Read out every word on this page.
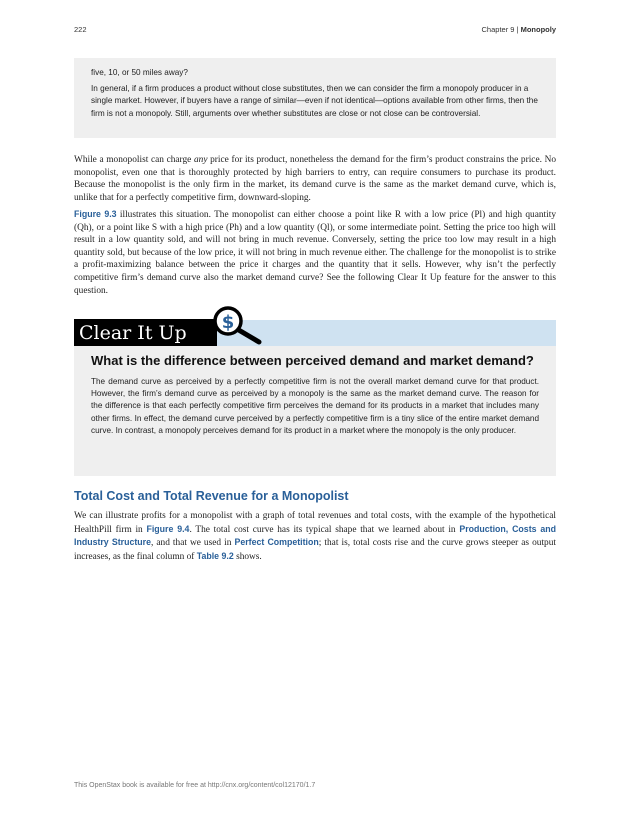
222	Chapter 9 | Monopoly

five, 10, or 50 miles away?

In general, if a firm produces a product without close substitutes, then we can consider the firm a monopoly producer in a single market. However, if buyers have a range of similar—even if not identical—options available from other firms, then the firm is not a monopoly. Still, arguments over whether substitutes are close or not close can be controversial.

While a monopolist can charge any price for its product, nonetheless the demand for the firm’s product constrains the price. No monopolist, even one that is thoroughly protected by high barriers to entry, can require consumers to purchase its product. Because the monopolist is the only firm in the market, its demand curve is the same as the market demand curve, which is, unlike that for a perfectly competitive firm, downward-sloping.

Figure 9.3 illustrates this situation. The monopolist can either choose a point like R with a low price (Pl) and high quantity (Qh), or a point like S with a high price (Ph) and a low quantity (Ql), or some intermediate point. Setting the price too high will result in a low quantity sold, and will not bring in much revenue. Conversely, setting the price too low may result in a high quantity sold, but because of the low price, it will not bring in much revenue either. The challenge for the monopolist is to strike a profit-maximizing balance between the price it charges and the quantity that it sells. However, why isn’t the perfectly competitive firm’s demand curve also the market demand curve? See the following Clear It Up feature for the answer to this question.

Clear It Up	$
What is the difference between perceived demand and market demand?

The demand curve as perceived by a perfectly competitive firm is not the overall market demand curve for that product. However, the firm’s demand curve as perceived by a monopoly is the same as the market demand curve. The reason for the difference is that each perfectly competitive firm perceives the demand for its products in a market that includes many other firms. In effect, the demand curve perceived by a perfectly competitive firm is a tiny slice of the entire market demand curve. In contrast, a monopoly perceives demand for its product in a market where the monopoly is the only producer.

Total Cost and Total Revenue for a Monopolist

We can illustrate profits for a monopolist with a graph of total revenues and total costs, with the example of the hypothetical HealthPill firm in Figure 9.4. The total cost curve has its typical shape that we learned about in Production, Costs and Industry Structure, and that we used in Perfect Competition; that is, total costs rise and the curve grows steeper as output increases, as the final column of Table 9.2 shows.

This OpenStax book is available for free at http://cnx.org/content/col12170/1.7
